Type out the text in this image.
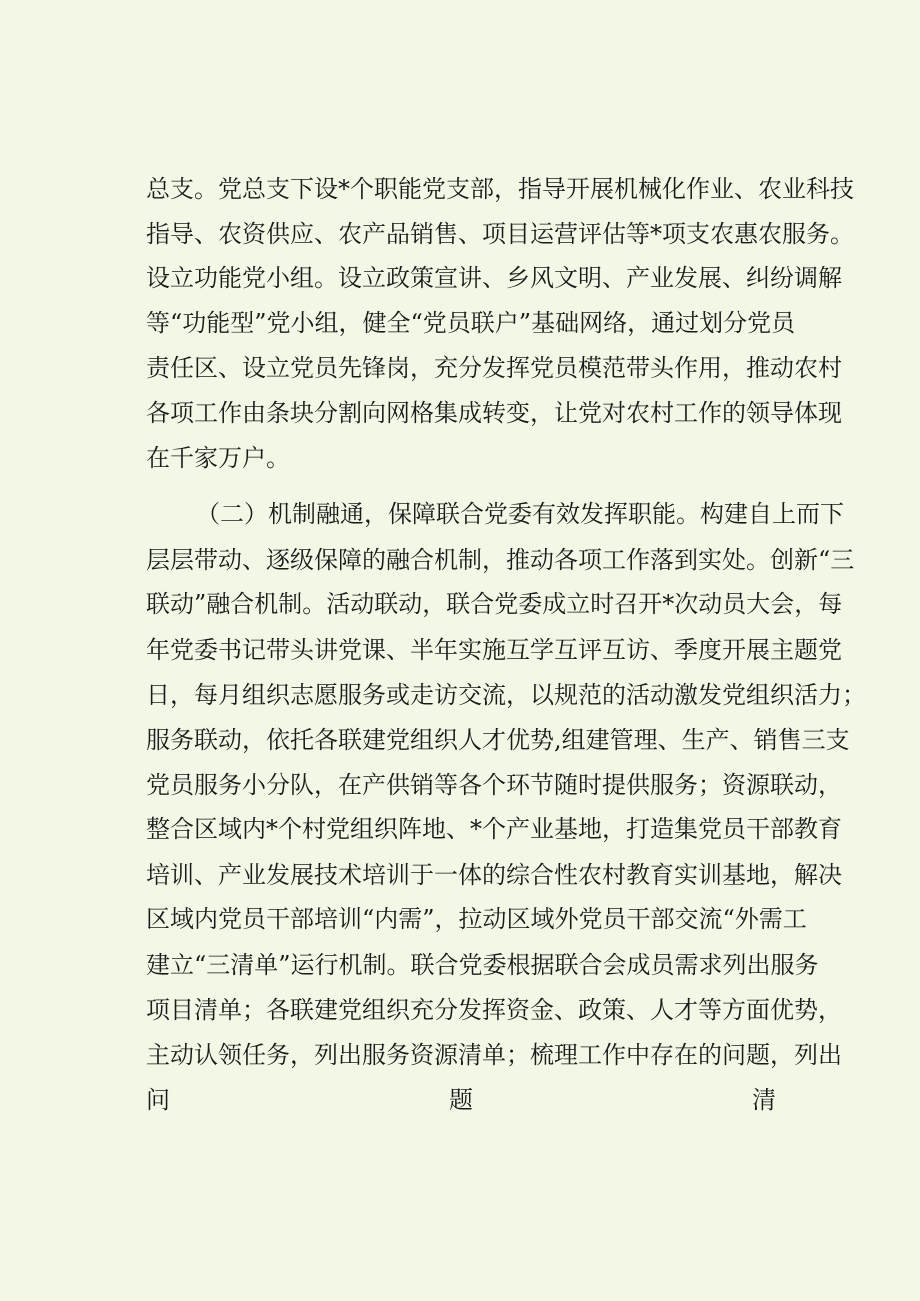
总支。党总支下设*个职能党支部，指导开展机械化作业、农业科技
指导、农资供应、农产品销售、项目运营评估等*项支农惠农服务。
设立功能党小组。设立政策宣讲、乡风文明、产业发展、纠纷调解
等“功能型”党小组，健全“党员联户”基础网络，通过划分党员
责任区、设立党员先锋岗，充分发挥党员模范带头作用，推动农村
各项工作由条块分割向网格集成转变，让党对农村工作的领导体现
在千家万户。
（二）机制融通，保障联合党委有效发挥职能。构建自上而下
层层带动、逐级保障的融合机制，推动各项工作落到实处。创新“三
联动”融合机制。活动联动，联合党委成立时召开*次动员大会，每
年党委书记带头讲党课、半年实施互学互评互访、季度开展主题党
日，每月组织志愿服务或走访交流，以规范的活动激发党组织活力；
服务联动，依托各联建党组织人才优势,组建管理、生产、销售三支
党员服务小分队，在产供销等各个环节随时提供服务；资源联动，
整合区域内*个村党组织阵地、*个产业基地，打造集党员干部教育
培训、产业发展技术培训于一体的综合性农村教育实训基地，解决
区域内党员干部培训“内需”，拉动区域外党员干部交流“外需工
建立“三清单”运行机制。联合党委根据联合会成员需求列出服务
项目清单；各联建党组织充分发挥资金、政策、人才等方面优势，
主动认领任务，列出服务资源清单；梳理工作中存在的问题，列出
问　　　　　　　　　　　题　　　　　　　　　　　清
